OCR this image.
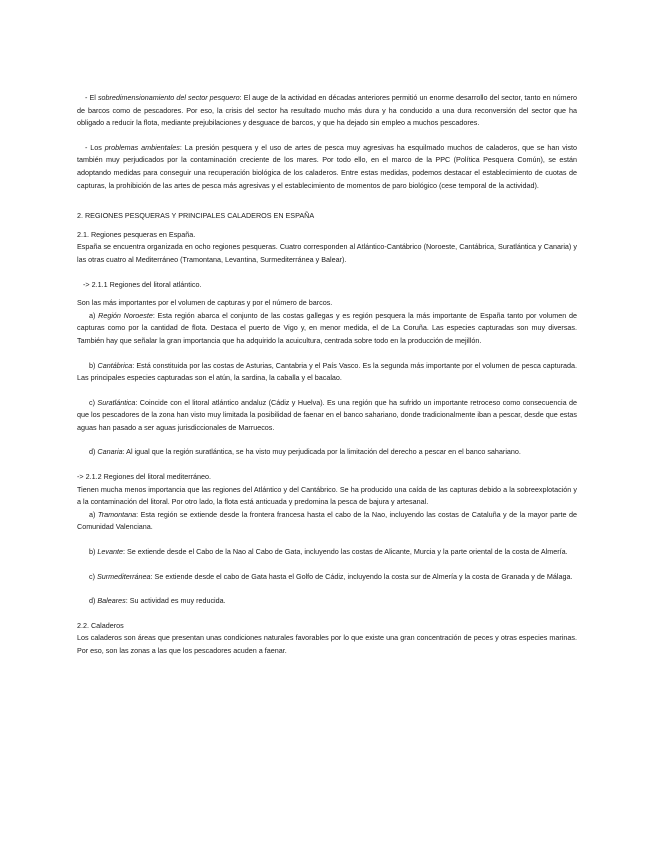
- El sobredimensionamiento del sector pesquero: El auge de la actividad en décadas anteriores permitió un enorme desarrollo del sector, tanto en número de barcos como de pescadores. Por eso, la crisis del sector ha resultado mucho más dura y ha conducido a una dura reconversión del sector que ha obligado a reducir la flota, mediante prejubilaciones y desguace de barcos, y que ha dejado sin empleo a muchos pescadores.

- Los problemas ambientales: La presión pesquera y el uso de artes de pesca muy agresivas ha esquilmado muchos de caladeros, que se han visto también muy perjudicados por la contaminación creciente de los mares. Por todo ello, en el marco de la PPC (Política Pesquera Común), se están adoptando medidas para conseguir una recuperación biológica de los caladeros. Entre estas medidas, podemos destacar el establecimiento de cuotas de capturas, la prohibición de las artes de pesca más agresivas y el establecimiento de momentos de paro biológico (cese temporal de la actividad).

2. REGIONES PESQUERAS Y PRINCIPALES CALADEROS EN ESPAÑA

2.1. Regiones pesqueras en España.

España se encuentra organizada en ocho regiones pesqueras. Cuatro corresponden al Atlántico-Cantábrico (Noroeste, Cantábrica, Suratlántica y Canaria) y las otras cuatro al Mediterráneo (Tramontana, Levantina, Surmediterránea y Balear).

-> 2.1.1 Regiones del litoral atlántico.

Son las más importantes por el volumen de capturas y por el número de barcos.

a) Región Noroeste: Esta región abarca el conjunto de las costas gallegas y es región pesquera la más importante de España tanto por volumen de capturas como por la cantidad de flota. Destaca el puerto de Vigo y, en menor medida, el de La Coruña. Las especies capturadas son muy diversas. También hay que señalar la gran importancia que ha adquirido la acuicultura, centrada sobre todo en la producción de mejillón.

b) Cantábrica: Está constituida por las costas de Asturias, Cantabria y el País Vasco. Es la segunda más importante por el volumen de pesca capturada. Las principales especies capturadas son el atún, la sardina, la caballa y el bacalao.

c) Suratlántica: Coincide con el litoral atlántico andaluz (Cádiz y Huelva). Es una región que ha sufrido un importante retroceso como consecuencia de que los pescadores de la zona han visto muy limitada la posibilidad de faenar en el banco sahariano, donde tradicionalmente iban a pescar, desde que estas aguas han pasado a ser aguas jurisdiccionales de Marruecos.

d) Canaria: Al igual que la región suratlántica, se ha visto muy perjudicada por la limitación del derecho a pescar en el banco sahariano.

-> 2.1.2 Regiones del litoral mediterráneo.

Tienen mucha menos importancia que las regiones del Atlántico y del Cantábrico. Se ha producido una caída de las capturas debido a la sobreexplotación y a la contaminación del litoral. Por otro lado, la flota está anticuada y predomina la pesca de bajura y artesanal.

a) Tramontana: Esta región se extiende desde la frontera francesa hasta el cabo de la Nao, incluyendo las costas de Cataluña y de la mayor parte de Comunidad Valenciana.

b) Levante: Se extiende desde el Cabo de la Nao al Cabo de Gata, incluyendo las costas de Alicante, Murcia y la parte oriental de la costa de Almería.

c) Surmediterránea: Se extiende desde el cabo de Gata hasta el Golfo de Cádiz, incluyendo la costa sur de Almería y la costa de Granada y de Málaga.

d) Baleares: Su actividad es muy reducida.

2.2. Caladeros

Los caladeros son áreas que presentan unas condiciones naturales favorables por lo que existe una gran concentración de peces y otras especies marinas. Por eso, son las zonas a las que los pescadores acuden a faenar.
